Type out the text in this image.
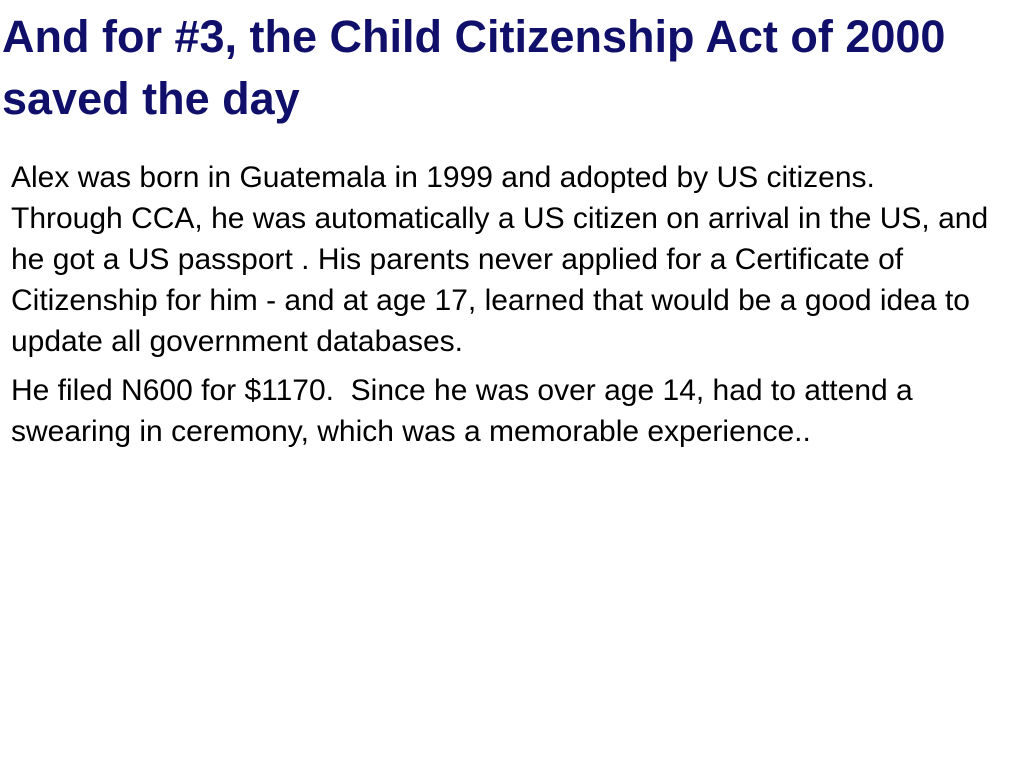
And for #3, the Child Citizenship Act of 2000 saved the day

Alex was born in Guatemala in 1999 and adopted by US citizens.  Through CCA, he was automatically a US citizen on arrival in the US, and he got a US passport . His parents never applied for a Certificate of Citizenship for him - and at age 17, learned that would be a good idea to update all government databases.

He filed N600 for $1170.  Since he was over age 14, had to attend a swearing in ceremony, which was a memorable experience..
